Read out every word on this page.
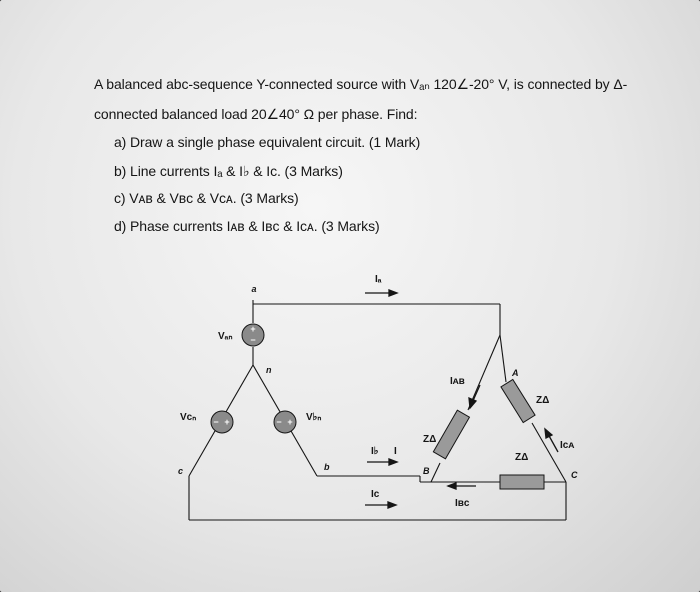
A balanced abc-sequence Y-connected source with Vₐₙ 120∠-20° V, is connected by Δ-
connected balanced load 20∠40° Ω per phase. Find:
a) Draw a single phase equivalent circuit. (1 Mark)
b) Line currents Iₐ & I♭ & Iᴄ. (3 Marks)
c) Vᴀʙ & Vʙᴄ & Vᴄᴀ. (3 Marks)
d) Phase currents Iᴀʙ & Iʙᴄ & Iᴄᴀ. (3 Marks)
+
−
− +	− +
a
n
b
c
A
B	C
Vₐₙ
Vᴄₙ	V♭ₙ
Iₐ
I♭ I
Iᴄ
Iᴀʙ
Iʙᴄ
Iᴄᴀ
ZΔ
ZΔ
ZΔ
